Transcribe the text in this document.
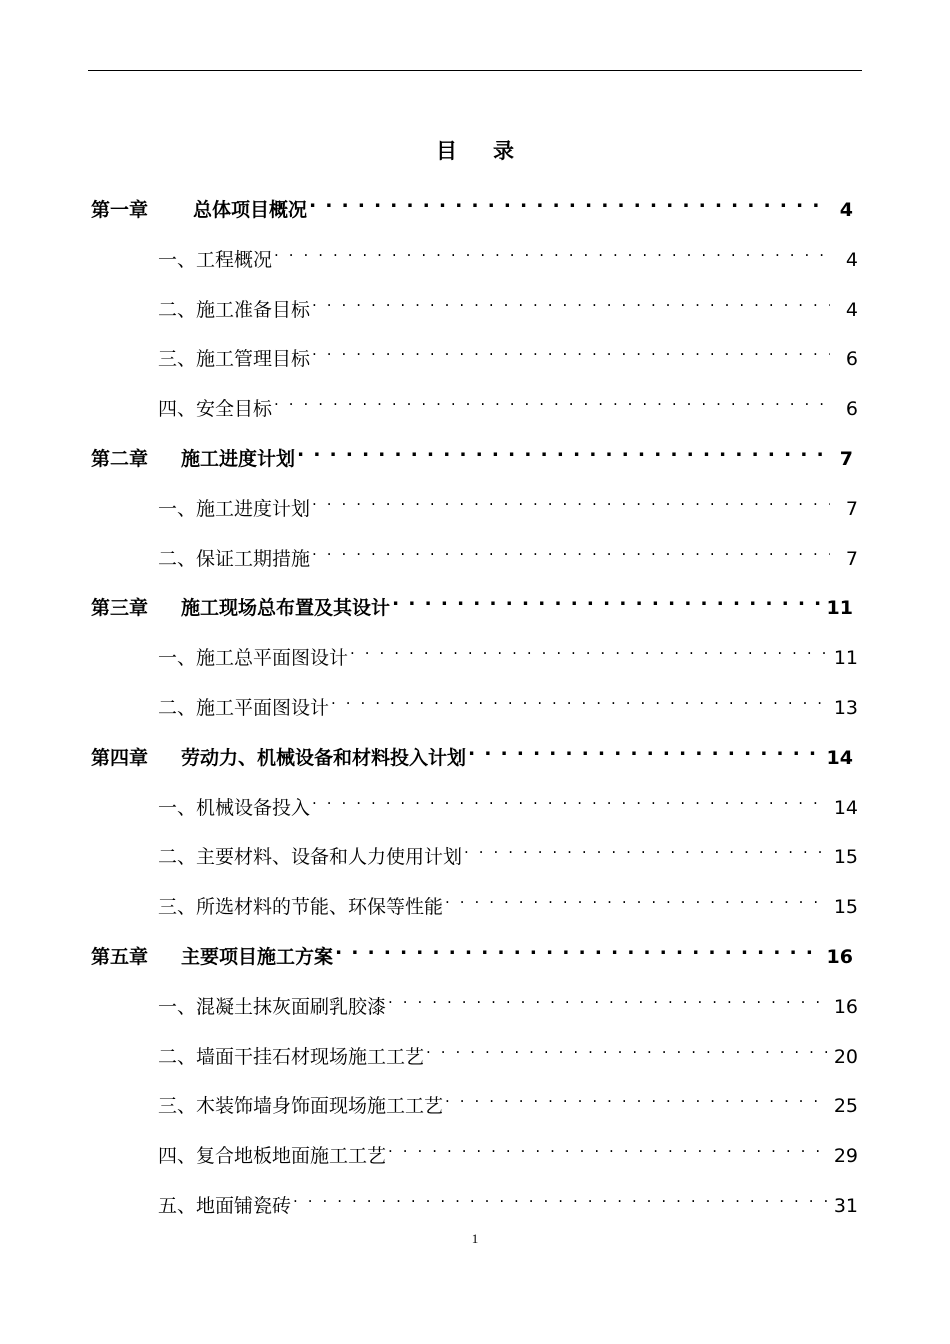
目 录
第一章	总体项目概况 . . .	4
一、工程概况 . . .	4
二、施工准备目标 . . .	4
三、施工管理目标 . . .	6
四、安全目标 . . .	6
第二章	施工进度计划 . . .	7
一、施工进度计划 . . .	7
二、保证工期措施 . . .	7
第三章	施工现场总布置及其设计 . . .	11
一、施工总平面图设计 . . .	11
二、施工平面图设计 . . .	13
第四章	劳动力、机械设备和材料投入计划 . . .	14
一、机械设备投入 . . .	14
二、主要材料、设备和人力使用计划 . . .	15
三、所选材料的节能、环保等性能 . . .	15
第五章	主要项目施工方案 . . .	16
一、混凝土抹灰面刷乳胶漆 . . .	16
二、墙面干挂石材现场施工工艺 . . .	20
三、木装饰墙身饰面现场施工工艺 . . .	25
四、复合地板地面施工工艺 . . .	29
五、地面铺瓷砖 . . .	31
1
